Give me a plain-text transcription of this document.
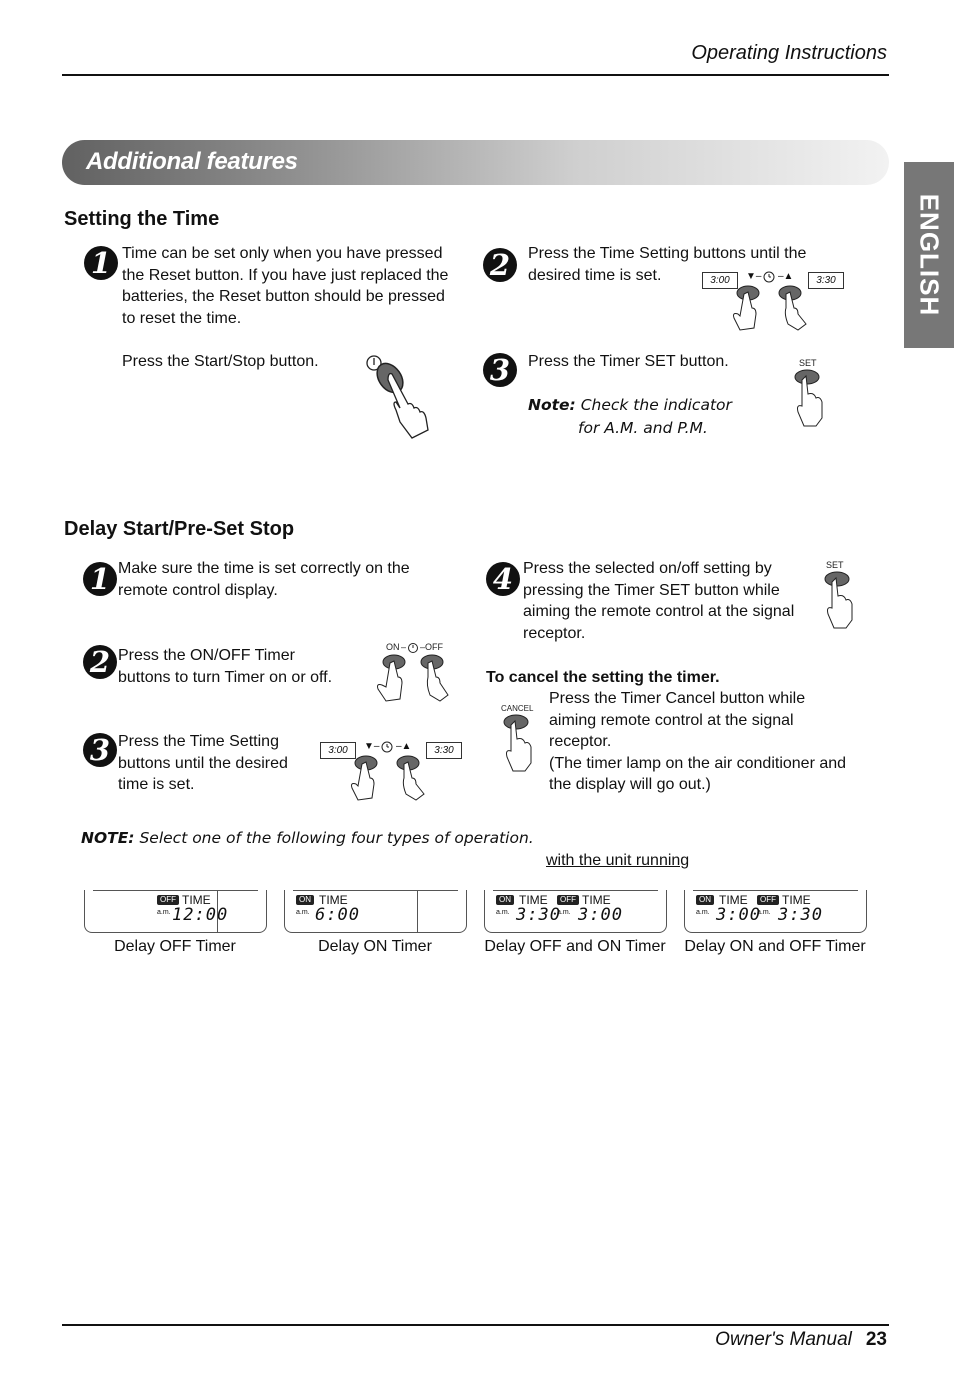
Operating Instructions
Additional features
ENGLISH
Setting the Time
1 Time can be set only when you have pressed
the Reset button. If you have just replaced the
batteries, the Reset button should be pressed
to reset the time.
Press the Start/Stop button.
2	Press the Time Setting buttons until the
desired time is set.	3:00	▼– –▲	3:30
3	Press the Timer SET button.
Note: Check the indicator
for A.M. and P.M.
SET
Delay Start/Pre-Set Stop
1 Make sure the time is set correctly on the
remote control display.
2 Press the ON/OFF Timer
buttons to turn Timer on or off.
ON – – OFF
3 Press the Time Setting
buttons until the desired
time is set.
3:00	▼– –▲	3:30
4 Press the selected on/off setting by
pressing the Timer SET button while
aiming the remote control at the signal
receptor.
SET
To cancel the setting the timer.
Press the Timer Cancel button while
aiming remote control at the signal
receptor.
(The timer lamp on the air conditioner and
the display will go out.)
CANCEL
NOTE: Select one of the following four types of operation.
with the unit running
OFF TIME
a.m. 12:00
Delay OFF Timer
ON TIME
a.m. 6:00
Delay ON Timer
ON TIME
a.m. 3:30
OFF TIME
a.m. 3:00
Delay OFF and ON Timer
ON TIME
a.m. 3:00
OFF TIME
a.m. 3:30
Delay ON and OFF Timer
Owner's Manual 23
